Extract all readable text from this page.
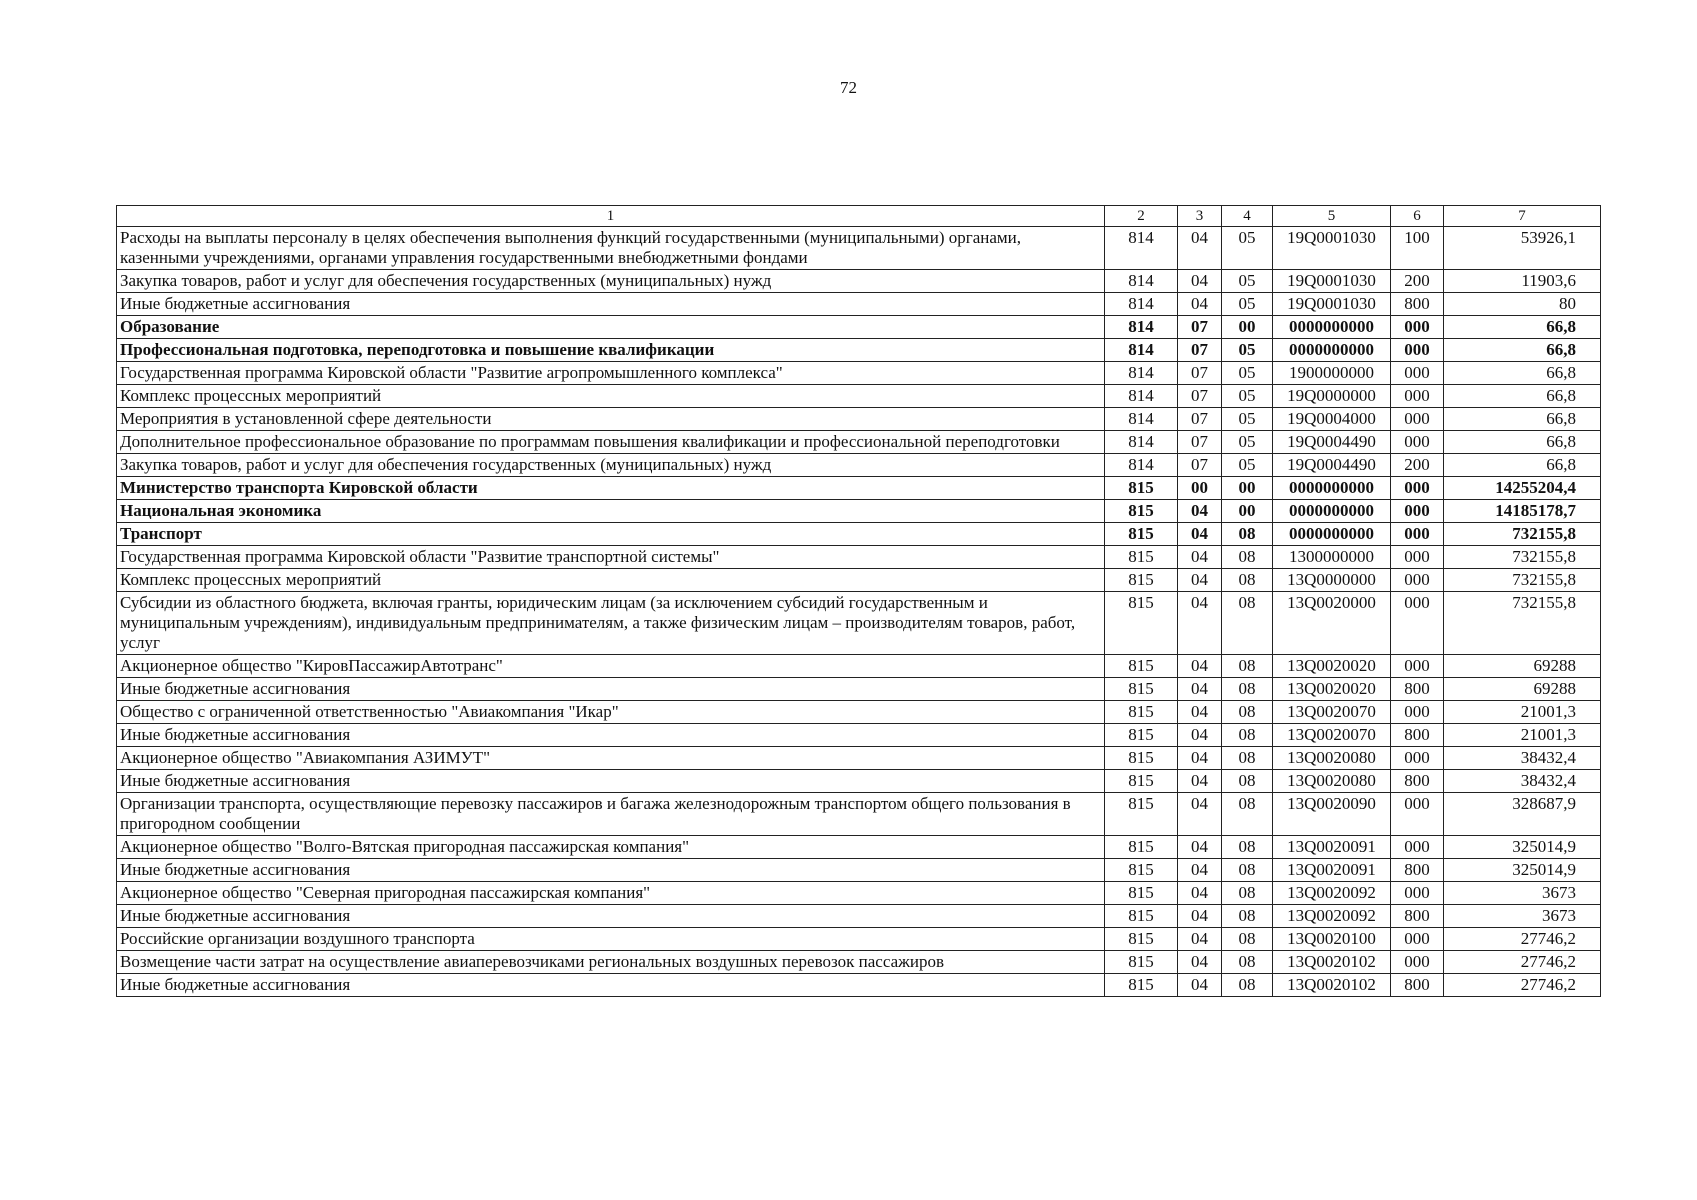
72
1	2	3	4	5	6	7
Расходы на выплаты персоналу в целях обеспечения выполнения функций государственными (муниципальными) органами, казенными учреждениями, органами управления государственными внебюджетными фондами	814	04	05	19Q0001030	100	53926,1
Закупка товаров, работ и услуг для обеспечения государственных (муниципальных) нужд	814	04	05	19Q0001030	200	11903,6
Иные бюджетные ассигнования	814	04	05	19Q0001030	800	80
Образование	814	07	00	0000000000	000	66,8
Профессиональная подготовка, переподготовка и повышение квалификации	814	07	05	0000000000	000	66,8
Государственная программа Кировской области "Развитие агропромышленного комплекса"	814	07	05	1900000000	000	66,8
Комплекс процессных мероприятий	814	07	05	19Q0000000	000	66,8
Мероприятия в установленной сфере деятельности	814	07	05	19Q0004000	000	66,8
Дополнительное профессиональное образование по программам повышения квалификации и профессиональной переподготовки	814	07	05	19Q0004490	000	66,8
Закупка товаров, работ и услуг для обеспечения государственных (муниципальных) нужд	814	07	05	19Q0004490	200	66,8
Министерство транспорта Кировской области	815	00	00	0000000000	000	14255204,4
Национальная экономика	815	04	00	0000000000	000	14185178,7
Транспорт	815	04	08	0000000000	000	732155,8
Государственная программа Кировской области "Развитие транспортной системы"	815	04	08	1300000000	000	732155,8
Комплекс процессных мероприятий	815	04	08	13Q0000000	000	732155,8
Субсидии из областного бюджета, включая гранты, юридическим лицам (за исключением субсидий государственным и муниципальным учреждениям), индивидуальным предпринимателям, а также физическим лицам – производителям товаров, работ, услуг	815	04	08	13Q0020000	000	732155,8
Акционерное общество "КировПассажирАвтотранс"	815	04	08	13Q0020020	000	69288
Иные бюджетные ассигнования	815	04	08	13Q0020020	800	69288
Общество с ограниченной ответственностью "Авиакомпания "Икар"	815	04	08	13Q0020070	000	21001,3
Иные бюджетные ассигнования	815	04	08	13Q0020070	800	21001,3
Акционерное общество "Авиакомпания АЗИМУТ"	815	04	08	13Q0020080	000	38432,4
Иные бюджетные ассигнования	815	04	08	13Q0020080	800	38432,4
Организации транспорта, осуществляющие перевозку пассажиров и багажа железнодорожным транспортом общего пользования в пригородном сообщении	815	04	08	13Q0020090	000	328687,9
Акционерное общество "Волго-Вятская пригородная пассажирская компания"	815	04	08	13Q0020091	000	325014,9
Иные бюджетные ассигнования	815	04	08	13Q0020091	800	325014,9
Акционерное общество "Северная пригородная пассажирская компания"	815	04	08	13Q0020092	000	3673
Иные бюджетные ассигнования	815	04	08	13Q0020092	800	3673
Российские организации воздушного транспорта	815	04	08	13Q0020100	000	27746,2
Возмещение части затрат на осуществление авиаперевозчиками региональных воздушных перевозок пассажиров	815	04	08	13Q0020102	000	27746,2
Иные бюджетные ассигнования	815	04	08	13Q0020102	800	27746,2
